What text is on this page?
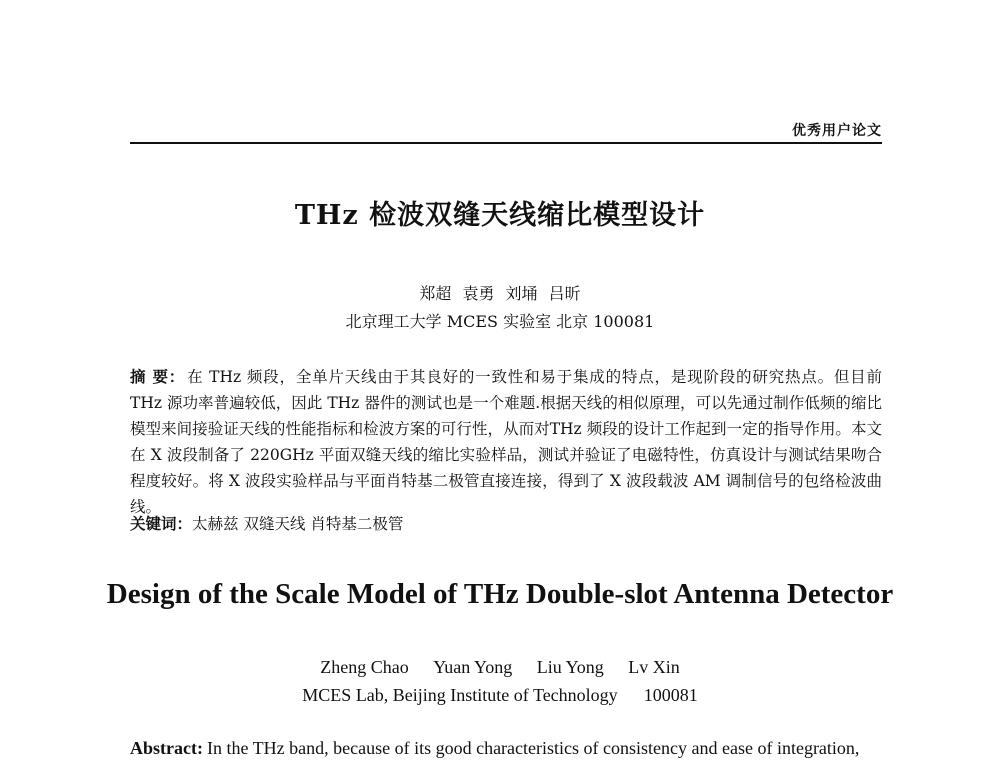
优秀用户论文
THz 检波双缝天线缩比模型设计
郑超 袁勇 刘埇 吕昕
北京理工大学 MCES 实验室 北京 100081
摘 要： 在 THz 频段，全单片天线由于其良好的一致性和易于集成的特点，是现阶段的研究热点。但目前 THz 源功率普遍较低，因此 THz 器件的测试也是一个难题.根据天线的相似原理，可以先通过制作低频的缩比模型来间接验证天线的性能指标和检波方案的可行性，从而对THz 频段的设计工作起到一定的指导作用。本文在 X 波段制备了 220GHz 平面双缝天线的缩比实验样品，测试并验证了电磁特性，仿真设计与测试结果吻合程度较好。将 X 波段实验样品与平面肖特基二极管直接连接，得到了 X 波段载波 AM 调制信号的包络检波曲线。
关键词：太赫兹 双缝天线 肖特基二极管
Design of the Scale Model of THz Double-slot Antenna Detector
Zheng Chao Yuan Yong Liu Yong Lv Xin
MCES Lab, Beijing Institute of Technology 100081
Abstract: In the THz band, because of its good characteristics of consistency and ease of integration,
